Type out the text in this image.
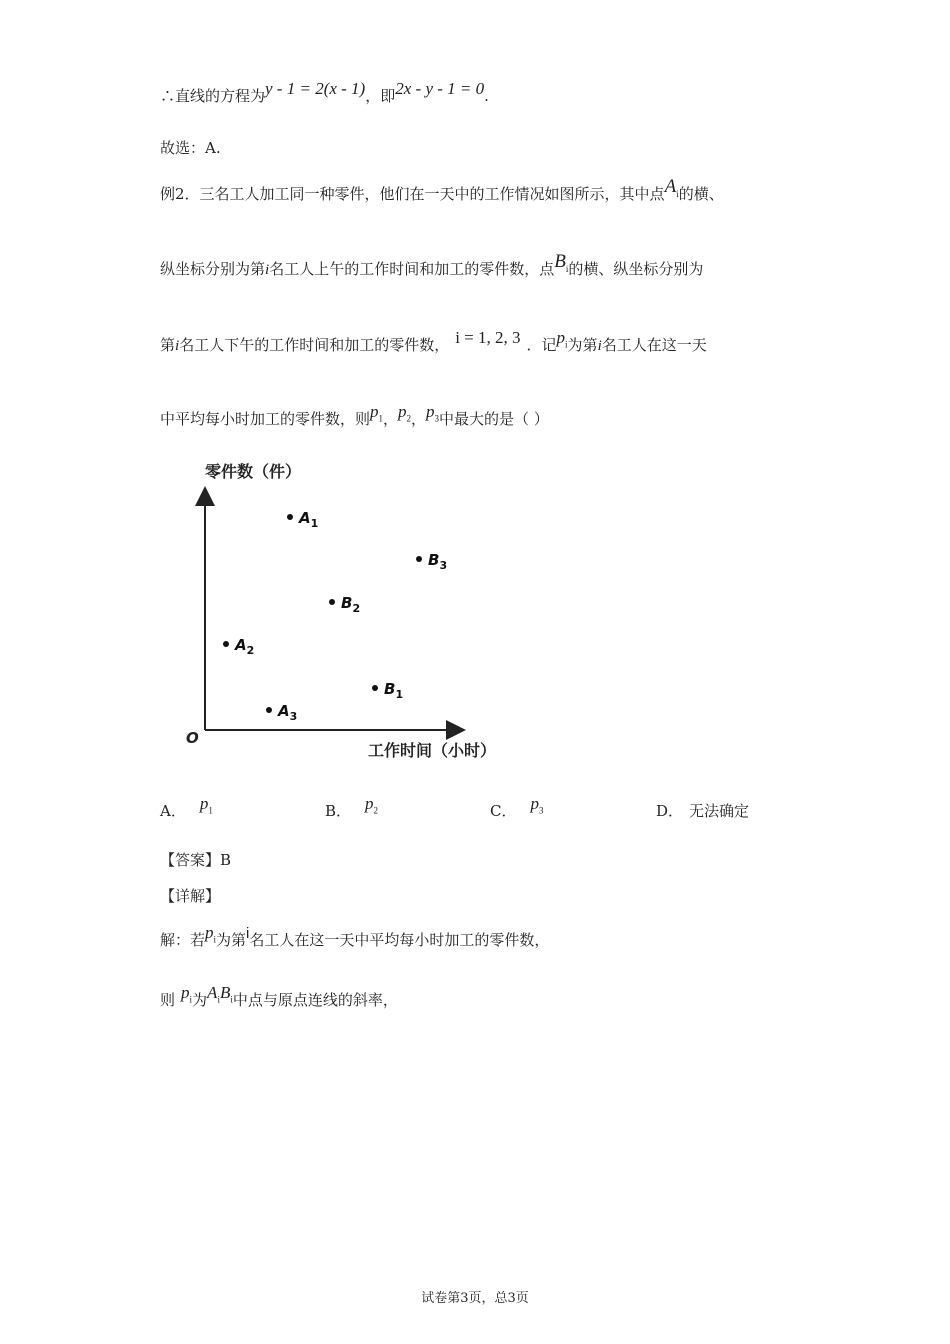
∴直线的方程为y - 1 = 2(x - 1)，即2x - y - 1 = 0.
故选：A.
例2．三名工人加工同一种零件，他们在一天中的工作情况如图所示，其中点$A_i$的横、
纵坐标分别为第i名工人上午的工作时间和加工的零件数，点$B_i$的横、纵坐标分别为
第i名工人下午的工作时间和加工的零件数， i = 1, 2, 3 ．记$p_i$为第i名工人在这一天
中平均每小时加工的零件数，则$p_1$，$p_2$，$p_3$中最大的是（ ）
零件数（件）
O
工作时间（小时）
$A_1$
$B_3$
$B_2$
$A_2$
$B_1$
$A_3$
A． $p_1$	B． $p_2$	C． $p_3$	D． 无法确定
【答案】B
【详解】
解：若$p_i$为第i名工人在这一天中平均每小时加工的零件数，
则 $p_i$为$A_iB_i$中点与原点连线的斜率，
试卷第3页，总3页
